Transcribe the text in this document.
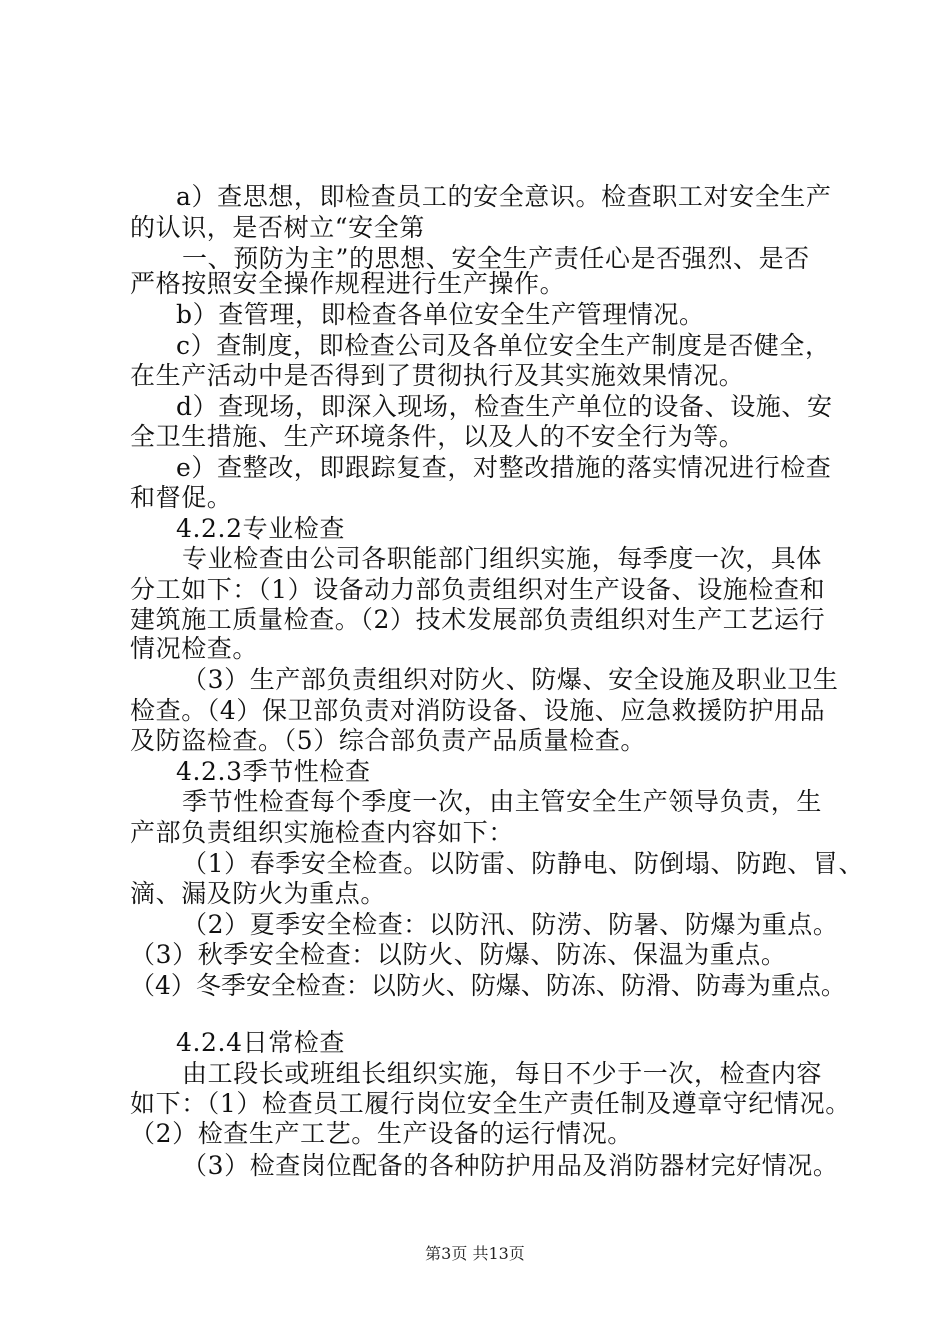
a）查思想，即检查员工的安全意识。检查职工对安全生产
的认识，是否树立“安全第
一、预防为主”的思想、安全生产责任心是否强烈、是否
严格按照安全操作规程进行生产操作。
b）查管理，即检查各单位安全生产管理情况。
c）查制度，即检查公司及各单位安全生产制度是否健全，
在生产活动中是否得到了贯彻执行及其实施效果情况。
d）查现场，即深入现场，检查生产单位的设备、设施、安
全卫生措施、生产环境条件，以及人的不安全行为等。
e）查整改，即跟踪复查，对整改措施的落实情况进行检查
和督促。
4.2.2专业检查
专业检查由公司各职能部门组织实施，每季度一次，具体
分工如下：（1）设备动力部负责组织对生产设备、设施检查和
建筑施工质量检查。（2）技术发展部负责组织对生产工艺运行
情况检查。
（3）生产部负责组织对防火、防爆、安全设施及职业卫生
检查。（4）保卫部负责对消防设备、设施、应急救援防护用品
及防盗检查。（5）综合部负责产品质量检查。
4.2.3季节性检查
季节性检查每个季度一次，由主管安全生产领导负责，生
产部负责组织实施检查内容如下：
（1）春季安全检查。以防雷、防静电、防倒塌、防跑、冒、
滴、漏及防火为重点。
（2）夏季安全检查：以防汛、防涝、防暑、防爆为重点。
（3）秋季安全检查：以防火、防爆、防冻、保温为重点。
（4）冬季安全检查：以防火、防爆、防冻、防滑、防毒为重点。
4.2.4日常检查
由工段长或班组长组织实施，每日不少于一次，检查内容
如下：（1）检查员工履行岗位安全生产责任制及遵章守纪情况。
（2）检查生产工艺。生产设备的运行情况。
（3）检查岗位配备的各种防护用品及消防器材完好情况。
第3页 共13页
